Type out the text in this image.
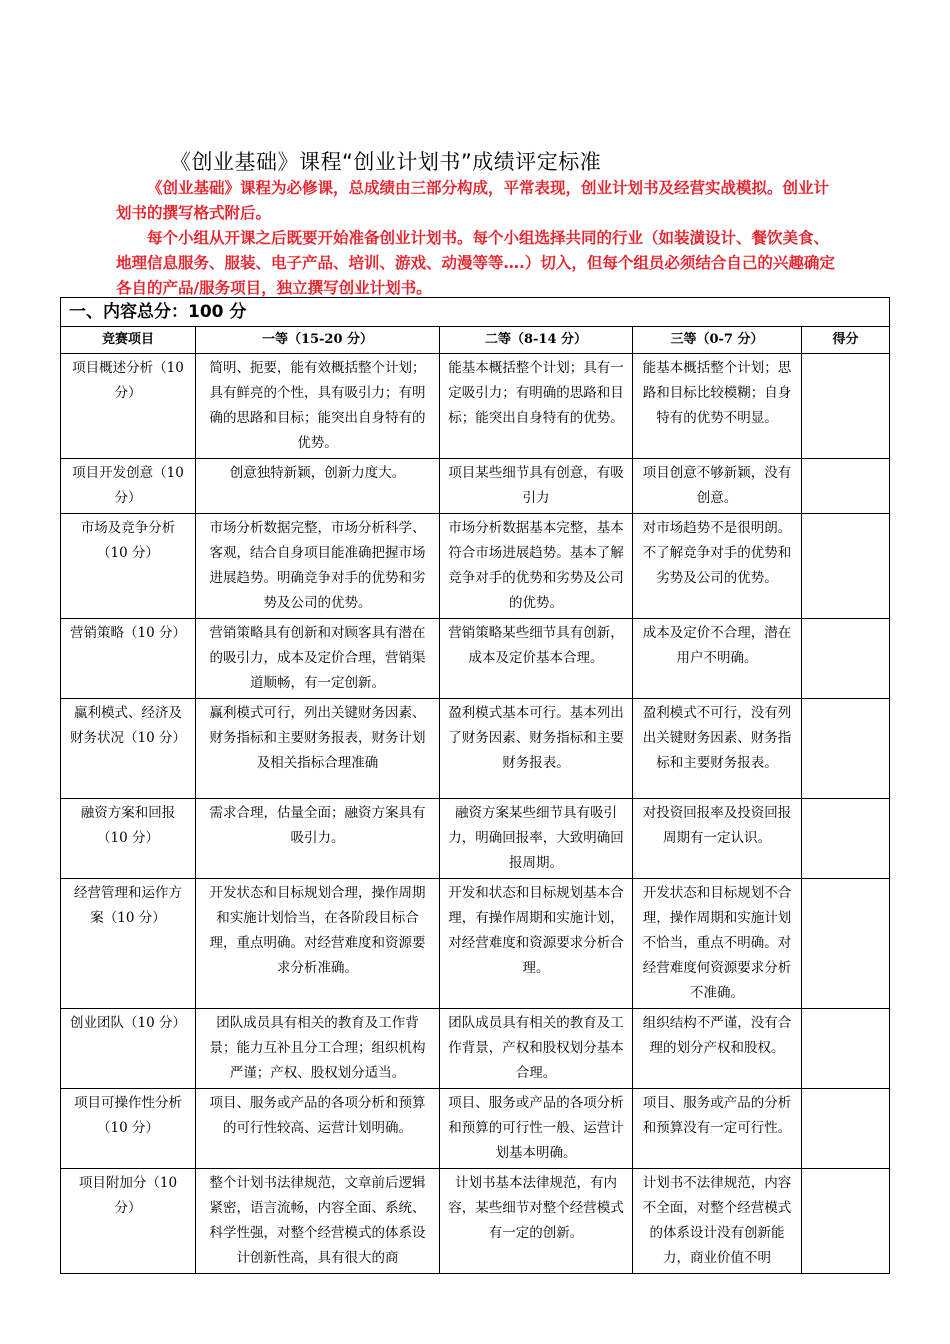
《创业基础》课程“创业计划书”成绩评定标准

《创业基础》课程为必修课，总成绩由三部分构成，平常表现，创业计划书及经营实战模拟。创业计划书的撰写格式附后。

每个小组从开课之后既要开始准备创业计划书。每个小组选择共同的行业（如装潢设计、餐饮美食、地理信息服务、服装、电子产品、培训、游戏、动漫等等….）切入，但每个组员必须结合自己的兴趣确定各自的产品/服务项目，独立撰写创业计划书。

一、内容总分：100 分				
竞赛项目	一等（15-20 分）	二等（8-14 分）	三等（0-7 分）	得分
项目概述分析（10 分）	简明、扼要，能有效概括整个计划；具有鲜亮的个性，具有吸引力；有明确的思路和目标；能突出自身特有的优势。	能基本概括整个计划；具有一定吸引力；有明确的思路和目标；能突出自身特有的优势。	能基本概括整个计划；思路和目标比较模糊；自身特有的优势不明显。	
项目开发创意（10 分）	创意独特新颖，创新力度大。	项目某些细节具有创意，有吸引力	项目创意不够新颖，没有创意。	
市场及竞争分析（10 分）	市场分析数据完整，市场分析科学、客观，结合自身项目能准确把握市场进展趋势。明确竞争对手的优势和劣势及公司的优势。	市场分析数据基本完整，基本符合市场进展趋势。基本了解竞争对手的优势和劣势及公司的优势。	对市场趋势不是很明朗。不了解竞争对手的优势和劣势及公司的优势。	
营销策略（10 分）	营销策略具有创新和对顾客具有潜在的吸引力，成本及定价合理，营销渠道顺畅，有一定创新。	营销策略某些细节具有创新，成本及定价基本合理。	成本及定价不合理，潜在用户不明确。	
赢利模式、经济及财务状况（10 分）	赢利模式可行，列出关键财务因素、财务指标和主要财务报表，财务计划及相关指标合理准确	盈利模式基本可行。基本列出了财务因素、财务指标和主要财务报表。	盈利模式不可行，没有列出关键财务因素、财务指标和主要财务报表。	
融资方案和回报（10 分）	需求合理，估量全面；融资方案具有吸引力。	融资方案某些细节具有吸引力，明确回报率，大致明确回报周期。	对投资回报率及投资回报周期有一定认识。	
经营管理和运作方案（10 分）	开发状态和目标规划合理，操作周期和实施计划恰当，在各阶段目标合理，重点明确。对经营难度和资源要求分析准确。	开发和状态和目标规划基本合理，有操作周期和实施计划，对经营难度和资源要求分析合理。	开发状态和目标规划不合理，操作周期和实施计划不恰当，重点不明确。对经营难度何资源要求分析不准确。	
创业团队（10 分）	团队成员具有相关的教育及工作背景；能力互补且分工合理；组织机构严谨；产权、股权划分适当。	团队成员具有相关的教育及工作背景，产权和股权划分基本合理。	组织结构不严谨，没有合理的划分产权和股权。	
项目可操作性分析（10 分）	项目、服务或产品的各项分析和预算的可行性较高、运营计划明确。	项目、服务或产品的各项分析和预算的可行性一般、运营计划基本明确。	项目、服务或产品的分析和预算没有一定可行性。	
项目附加分（10 分）	整个计划书法律规范，文章前后逻辑紧密，语言流畅，内容全面、系统、科学性强，对整个经营模式的体系设计创新性高，具有很大的商	计划书基本法律规范，有内容，某些细节对整个经营模式有一定的创新。	计划书不法律规范，内容不全面，对整个经营模式的体系设计没有创新能力，商业价值不明	
